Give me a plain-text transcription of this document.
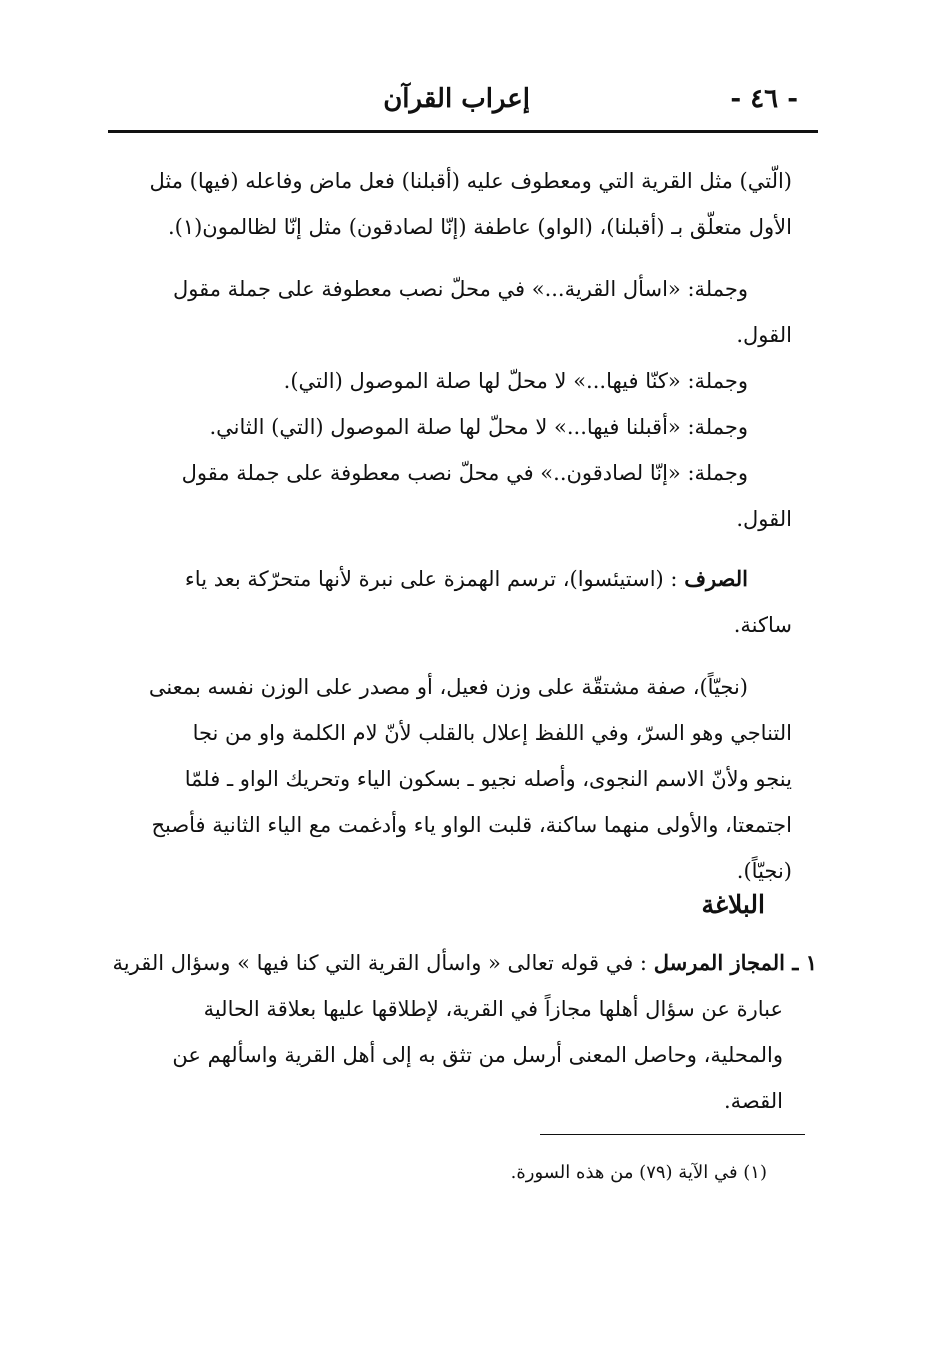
- ٤٦ -
إعراب القرآن

(الّتي) مثل القرية التي ومعطوف عليه (أقبلنا) فعل ماض وفاعله (فيها) مثل

الأول متعلّق بـ (أقبلنا)، (الواو) عاطفة (إنّا لصادقون) مثل إنّا لظالمون(١).

وجملة: «اسأل القرية...» في محلّ نصب معطوفة على جملة مقول

القول.

وجملة: «كنّا فيها...» لا محلّ لها صلة الموصول (التي).

وجملة: «أقبلنا فيها...» لا محلّ لها صلة الموصول (التي) الثاني.

وجملة: «إنّا لصادقون..» في محلّ نصب معطوفة على جملة مقول

القول.

الصرف : (استيئسوا)، ترسم الهمزة على نبرة لأنها متحرّكة بعد ياء

ساكنة.

(نجيّاً)، صفة مشتقّة على وزن فعيل، أو مصدر على الوزن نفسه بمعنى

التناجي وهو السرّ، وفي اللفظ إعلال بالقلب لأنّ لام الكلمة واو من نجا

ينجو ولأنّ الاسم النجوى، وأصله نجيو ـ بسكون الياء وتحريك الواو ـ فلمّا

اجتمعتا، والأولى منهما ساكنة، قلبت الواو ياء وأدغمت مع الياء الثانية فأصبح

(نجيّاً).

البلاغة

١ ـ المجاز المرسل : في قوله تعالى « واسأل القرية التي كنا فيها » وسؤال القرية

عبارة عن سؤال أهلها مجازاً في القرية، لإطلاقها عليها بعلاقة الحالية

والمحلية، وحاصل المعنى أرسل من تثق به إلى أهل القرية واسألهم عن

القصة.

(١) في الآية (٧٩) من هذه السورة.
